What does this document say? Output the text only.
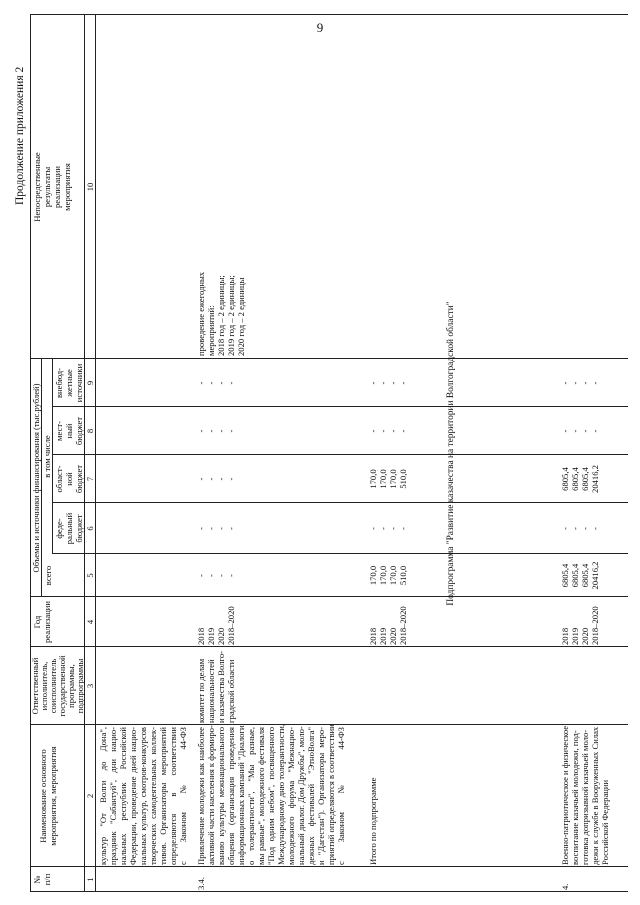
9
Продолжение приложения 2
№ п/п
Наименование основного мероприятия, мероприятия
Ответственный исполнитель, соисполнитель государственной программы, подпрограммы
Год реализации
Объемы и источники финансирования (тыс.рублей)
всего
в том числе
феде- ральный бюджет
област- ной бюджет
мест- ный бюджет
внебюд- жетные источники
Непосредственные результаты реализации мероприятия
1
2
3
4
5
6
7
8
9
10
культур "От Волги до Дона", праздник "Сабантуй", дни нацио- нальных республик Российской Федерации, проведение дней нацио- нальных культур, смотров-конкурсов творческих самодеятельных коллек- тивов. Организаторы мероприятий определяются в соответствии с Законом № 44-ФЗ
3.4.
Привлечение молодежи как наиболее активной части населения к формиро- ванию культуры межнационального общения (организация проведения информационных кампаний "Диалоги о толерантности", "Мы разные, мы равные", молодежного фестиваля "Под одним небом", посвященного Международному дню толерантности, молодежного форума "Межнацио- нальный диалог. Дом Дружбы", моло- дежных фестивалей "ЭтноВолга" и "Дагестан"). Организаторы меро- приятий определяются в соответствии с Законом № 44-ФЗ
комитет по делам национальностей и казачества Волго- градской области
2018 2019 2020 2018–2020
- - - -
- - - -
- - - -
- - - -
- - - -
проведение ежегодных мероприятий: 2018 год – 2 единицы; 2019 год – 2 единицы; 2020 год – 2 единицы
Итого по подпрограмме
2018 2019 2020 2018–2020
170,0 170,0 170,0 510,0
- - - -
170,0 170,0 170,0 510,0
- - - -
- - - -	Подпрограмма "Развитие казачества на территории Волгоградской области"
4.
Военно-патриотическое и физическое воспитание казачьей молодежи, под- готовка допризывной казачьей моло- дежи к службе в Вооруженных Силах Российской Федерации
2018 2019 2020 2018–2020
6805,4 6805,4 6805,4 20416,2
- - - -
6805,4 6805,4 6805,4 20416,2
- - - -
- - - -
